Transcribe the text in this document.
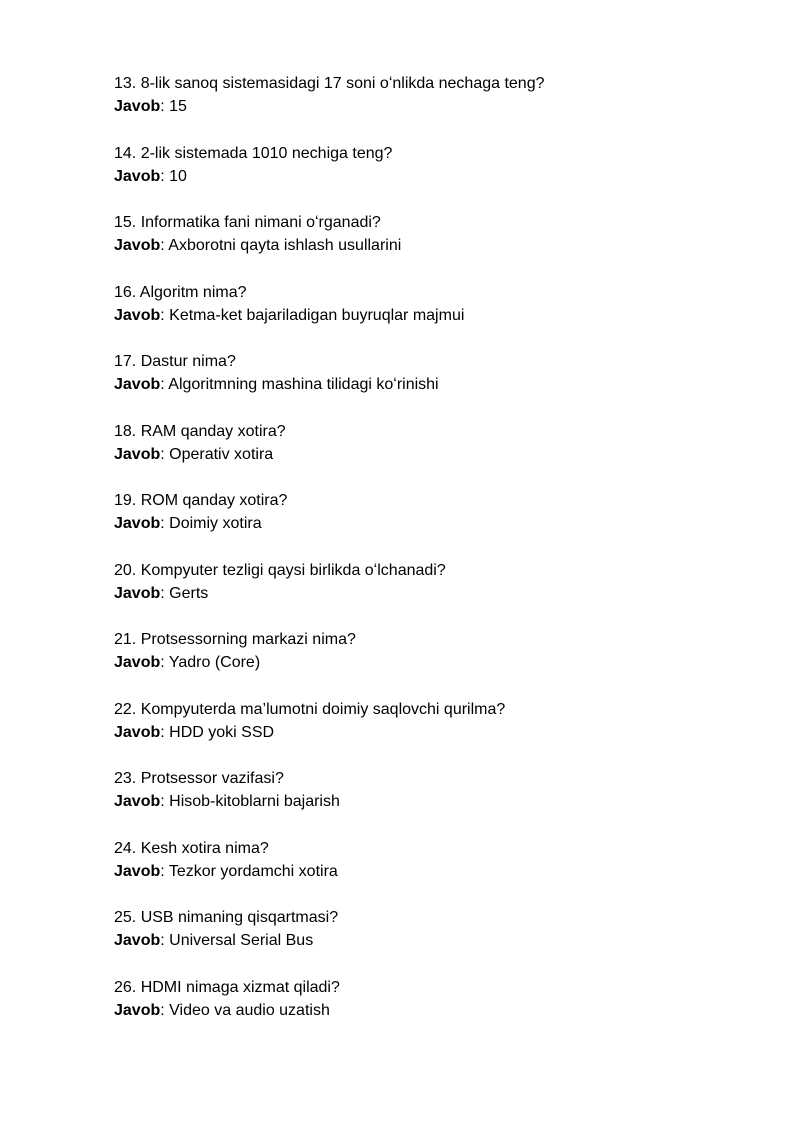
13. 8-lik sanoq sistemasidagi 17 soni oʻnlikda nechaga teng?
Javob: 15
14. 2-lik sistemada 1010 nechiga teng?
Javob: 10
15. Informatika fani nimani oʻrganadi?
Javob: Axborotni qayta ishlash usullarini
16. Algoritm nima?
Javob: Ketma-ket bajariladigan buyruqlar majmui
17. Dastur nima?
Javob: Algoritmning mashina tilidagi koʻrinishi
18. RAM qanday xotira?
Javob: Operativ xotira
19. ROM qanday xotira?
Javob: Doimiy xotira
20. Kompyuter tezligi qaysi birlikda oʻlchanadi?
Javob: Gerts
21. Protsessorning markazi nima?
Javob: Yadro (Core)
22. Kompyuterda ma’lumotni doimiy saqlovchi qurilma?
Javob: HDD yoki SSD
23. Protsessor vazifasi?
Javob: Hisob-kitoblarni bajarish
24. Kesh xotira nima?
Javob: Tezkor yordamchi xotira
25. USB nimaning qisqartmasi?
Javob: Universal Serial Bus
26. HDMI nimaga xizmat qiladi?
Javob: Video va audio uzatish
